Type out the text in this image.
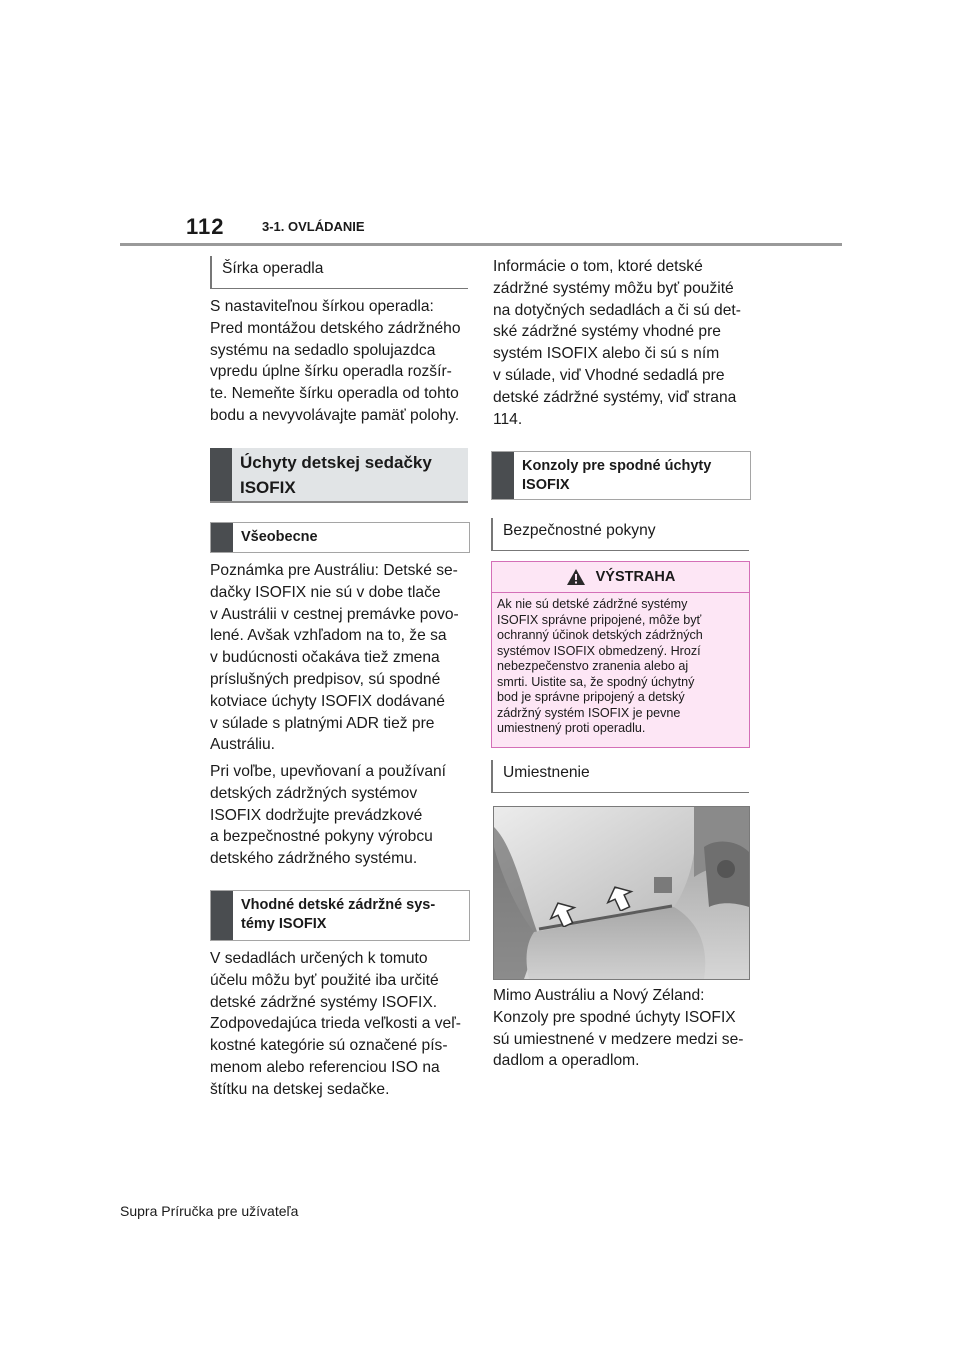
112	3-1. OVLÁDANIE
Šírka operadla

S nastaviteľnou šírkou operadla:
Pred montážou detského zádržného
systému na sedadlo spolujazdca
vpredu úplne šírku operadla rozšír-
te. Nemeňte šírku operadla od tohto
bodu a nevyvolávajte pamäť polohy.

Úchyty detskej sedačky
ISOFIX
Všeobecne

Poznámka pre Austráliu: Detské se-
dačky ISOFIX nie sú v dobe tlače
v Austrálii v cestnej premávke povo-
lené. Avšak vzhľadom na to, že sa
v budúcnosti očakáva tiež zmena
príslušných predpisov, sú spodné
kotviace úchyty ISOFIX dodávané
v súlade s platnými ADR tiež pre
Austráliu.

Pri voľbe, upevňovaní a používaní
detských zádržných systémov
ISOFIX dodržujte prevádzkové
a bezpečnostné pokyny výrobcu
detského zádržného systému.

Vhodné detské zádržné sys-
témy ISOFIX

V sedadlách určených k tomuto
účelu môžu byť použité iba určité
detské zádržné systémy ISOFIX.
Zodpovedajúca trieda veľkosti a veľ-
kostné kategórie sú označené pís-
menom alebo referenciou ISO na
štítku na detskej sedačke.

Informácie o tom, ktoré detské
zádržné systémy môžu byť použité
na dotyčných sedadlách a či sú det-
ské zádržné systémy vhodné pre
systém ISOFIX alebo či sú s ním
v súlade, viď Vhodné sedadlá pre
detské zádržné systémy, viď strana
114.

Konzoly pre spodné úchyty
ISOFIX
Bezpečnostné pokyny
VÝSTRAHA
Ak nie sú detské zádržné systémy
ISOFIX správne pripojené, môže byť
ochranný účinok detských zádržných
systémov ISOFIX obmedzený. Hrozí
nebezpečenstvo zranenia alebo aj
smrti. Uistite sa, že spodný úchytný
bod je správne pripojený a detský
zádržný systém ISOFIX je pevne
umiestnený proti operadlu.
Umiestnenie

Mimo Austráliu a Nový Zéland:
Konzoly pre spodné úchyty ISOFIX
sú umiestnené v medzere medzi se-
dadlom a operadlom.

Supra Príručka pre užívateľa
